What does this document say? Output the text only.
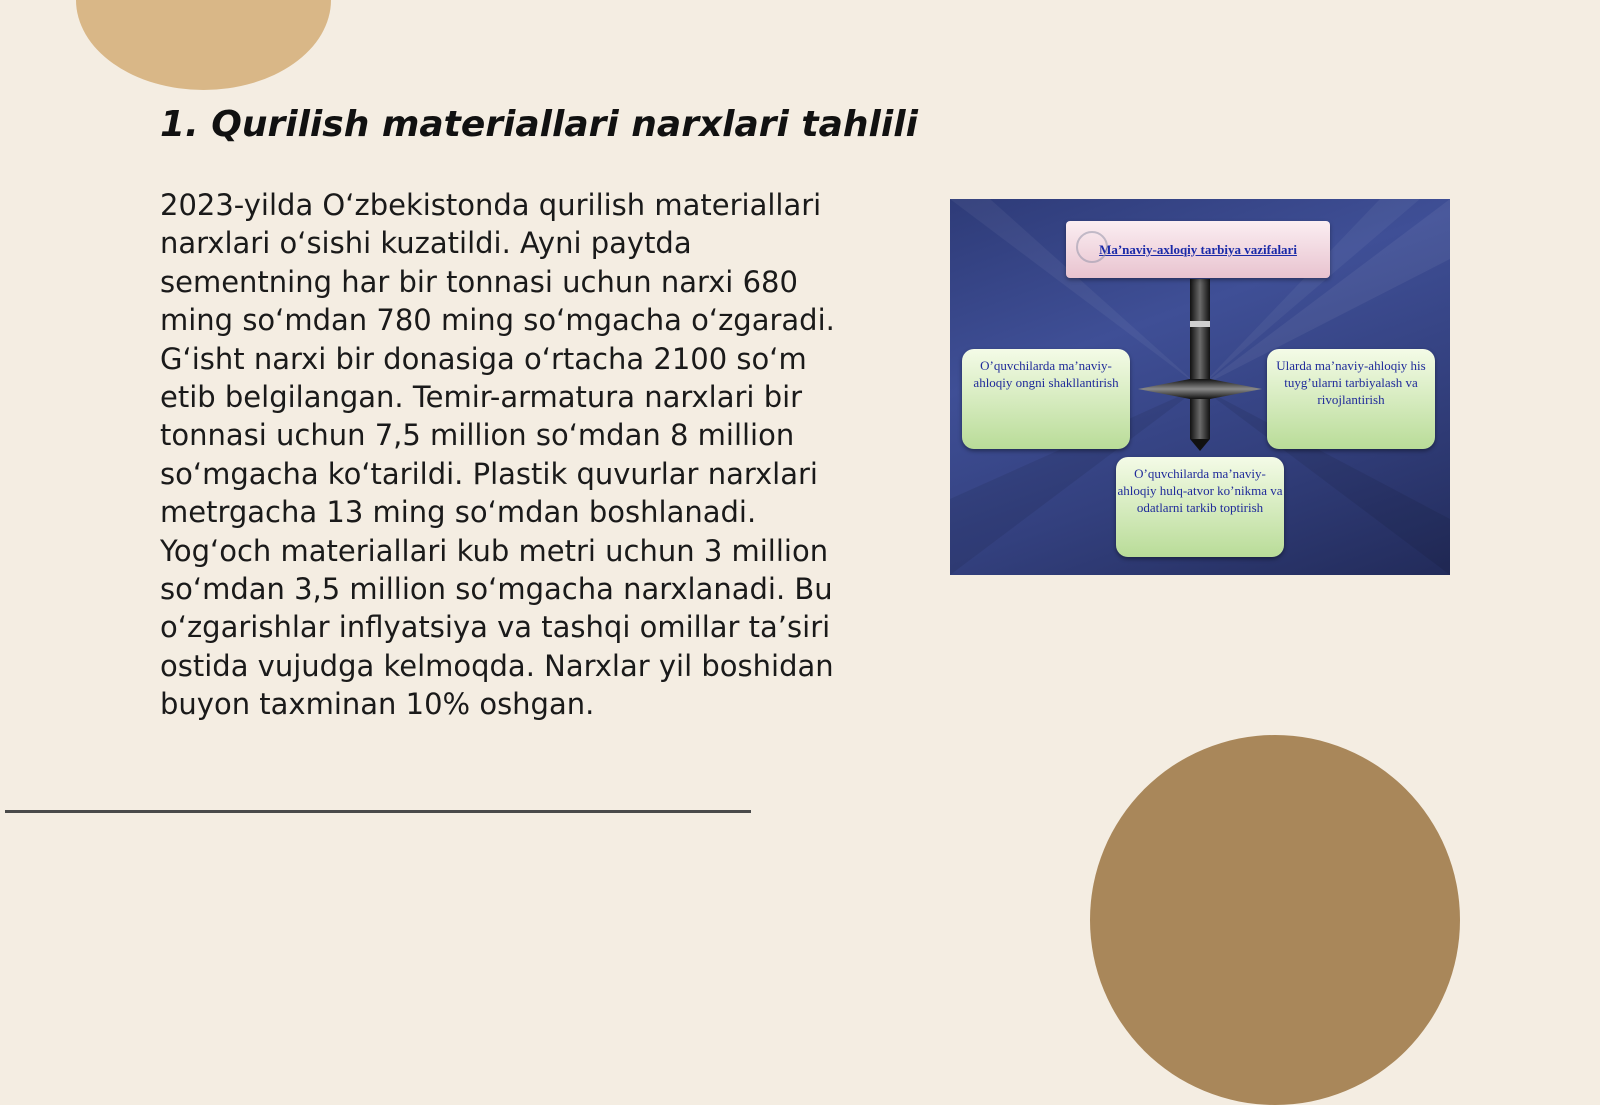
1. Qurilish materiallari narxlari tahlili

2023-yilda O‘zbekistonda qurilish materiallari narxlari o‘sishi kuzatildi. Ayni paytda sementning har bir tonnasi uchun narxi 680 ming so‘mdan 780 ming so‘mgacha o‘zgaradi. G‘isht narxi bir donasiga o‘rtacha 2100 so‘m etib belgilangan. Temir-armatura narxlari bir tonnasi uchun 7,5 million so‘mdan 8 million so‘mgacha ko‘tarildi. Plastik quvurlar narxlari metrgacha 13 ming so‘mdan boshlanadi. Yog‘och materiallari kub metri uchun 3 million so‘mdan 3,5 million so‘mgacha narxlanadi. Bu o‘zgarishlar inflyatsiya va tashqi omillar ta’siri ostida vujudga kelmoqda. Narxlar yil boshidan buyon taxminan 10% oshgan.

Ma’naviy-axloqiy tarbiya vazifalari
O’quvchilarda ma’naviy-ahloqiy ongni shakllantirish
Ularda ma’naviy-ahloqiy his tuyg’ularni tarbiyalash va rivojlantirish
O’quvchilarda ma’naviy-ahloqiy hulq-atvor ko’nikma va odatlarni tarkib toptirish
